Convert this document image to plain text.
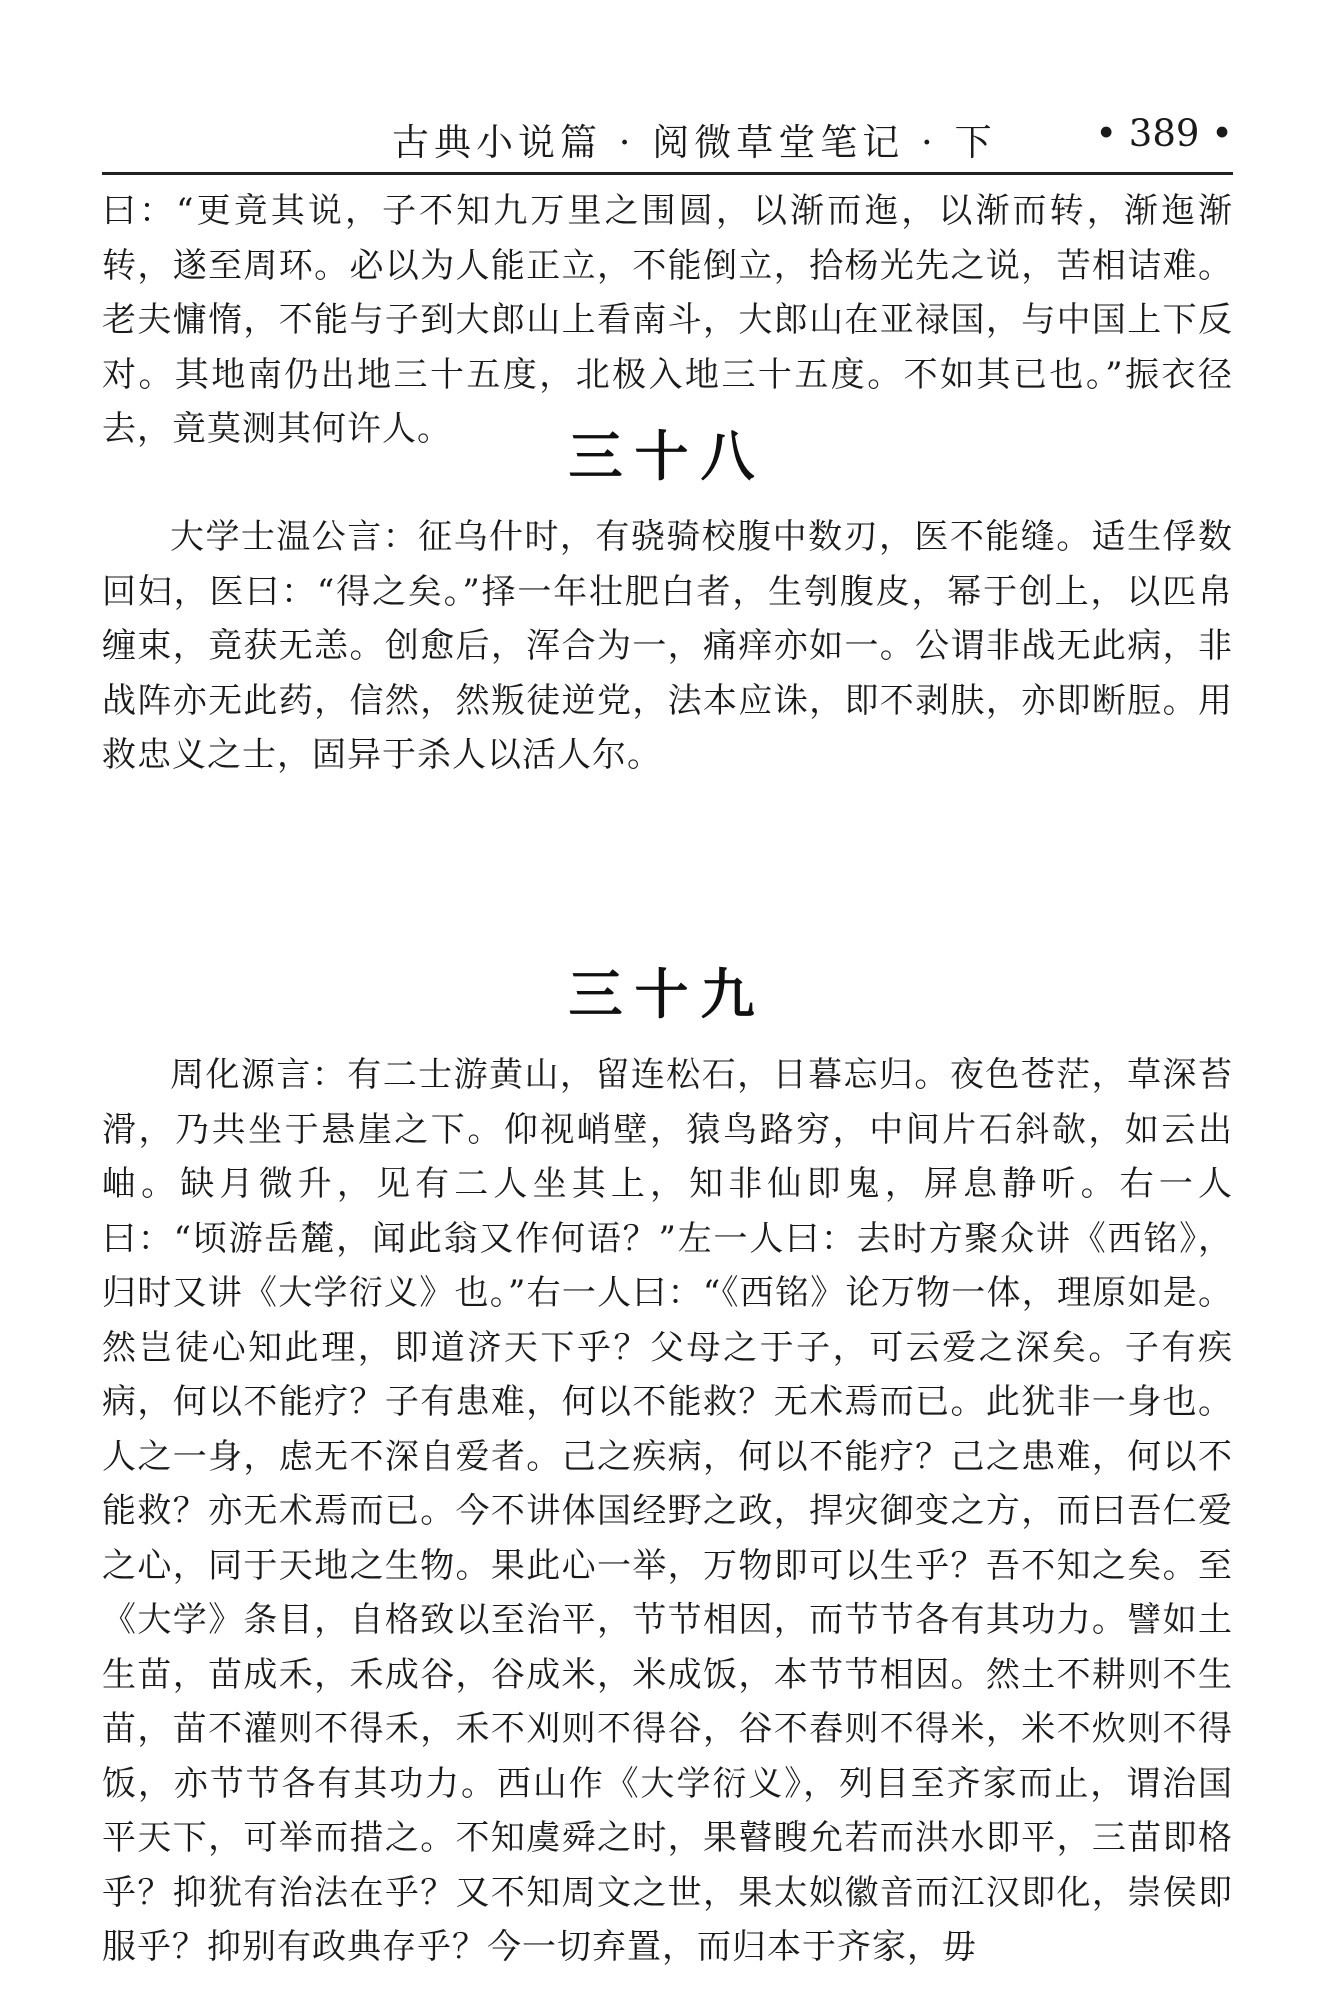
古典小说篇 · 阅微草堂笔记 · 下	• 389 •

曰：“更竟其说，子不知九万里之围圆，以渐而迤，以渐而转，渐迤渐转，遂至周环。必以为人能正立，不能倒立，拾杨光先之说，苦相诘难。老夫慵惰，不能与子到大郎山上看南斗，大郎山在亚禄国，与中国上下反对。其地南仍出地三十五度，北极入地三十五度。不如其已也。”振衣径去，竟莫测其何许人。	三十八

大学士温公言：征乌什时，有骁骑校腹中数刃，医不能缝。适生俘数回妇，医曰：“得之矣。”择一年壮肥白者，生刳腹皮，幂于创上，以匹帛缠束，竟获无恙。创愈后，浑合为一，痛痒亦如一。公谓非战无此病，非战阵亦无此药，信然，然叛徒逆党，法本应诛，即不剥肤，亦即断脰。用救忠义之士，固异于杀人以活人尔。

三十九

周化源言：有二士游黄山，留连松石，日暮忘归。夜色苍茫，草深苔滑，乃共坐于悬崖之下。仰视峭壁，猿鸟路穷，中间片石斜欹，如云出岫。缺月微升，见有二人坐其上，知非仙即鬼，屏息静听。右一人曰：“顷游岳麓，闻此翁又作何语？”左一人曰：去时方聚众讲《西铭》，归时又讲《大学衍义》也。”右一人曰：“《西铭》论万物一体，理原如是。然岂徒心知此理，即道济天下乎？父母之于子，可云爱之深矣。子有疾病，何以不能疗？子有患难，何以不能救？无术焉而已。此犹非一身也。人之一身，虑无不深自爱者。己之疾病，何以不能疗？己之患难，何以不能救？亦无术焉而已。今不讲体国经野之政，捍灾御变之方，而曰吾仁爱之心，同于天地之生物。果此心一举，万物即可以生乎？吾不知之矣。至《大学》条目，自格致以至治平，节节相因，而节节各有其功力。譬如土生苗，苗成禾，禾成谷，谷成米，米成饭，本节节相因。然土不耕则不生苗，苗不灌则不得禾，禾不刈则不得谷，谷不舂则不得米，米不炊则不得饭，亦节节各有其功力。西山作《大学衍义》，列目至齐家而止，谓治国平天下，可举而措之。不知虞舜之时，果瞽瞍允若而洪水即平，三苗即格乎？抑犹有治法在乎？又不知周文之世，果太姒徽音而江汉即化，崇侯即服乎？抑别有政典存乎？今一切弃置，而归本于齐家，毋
